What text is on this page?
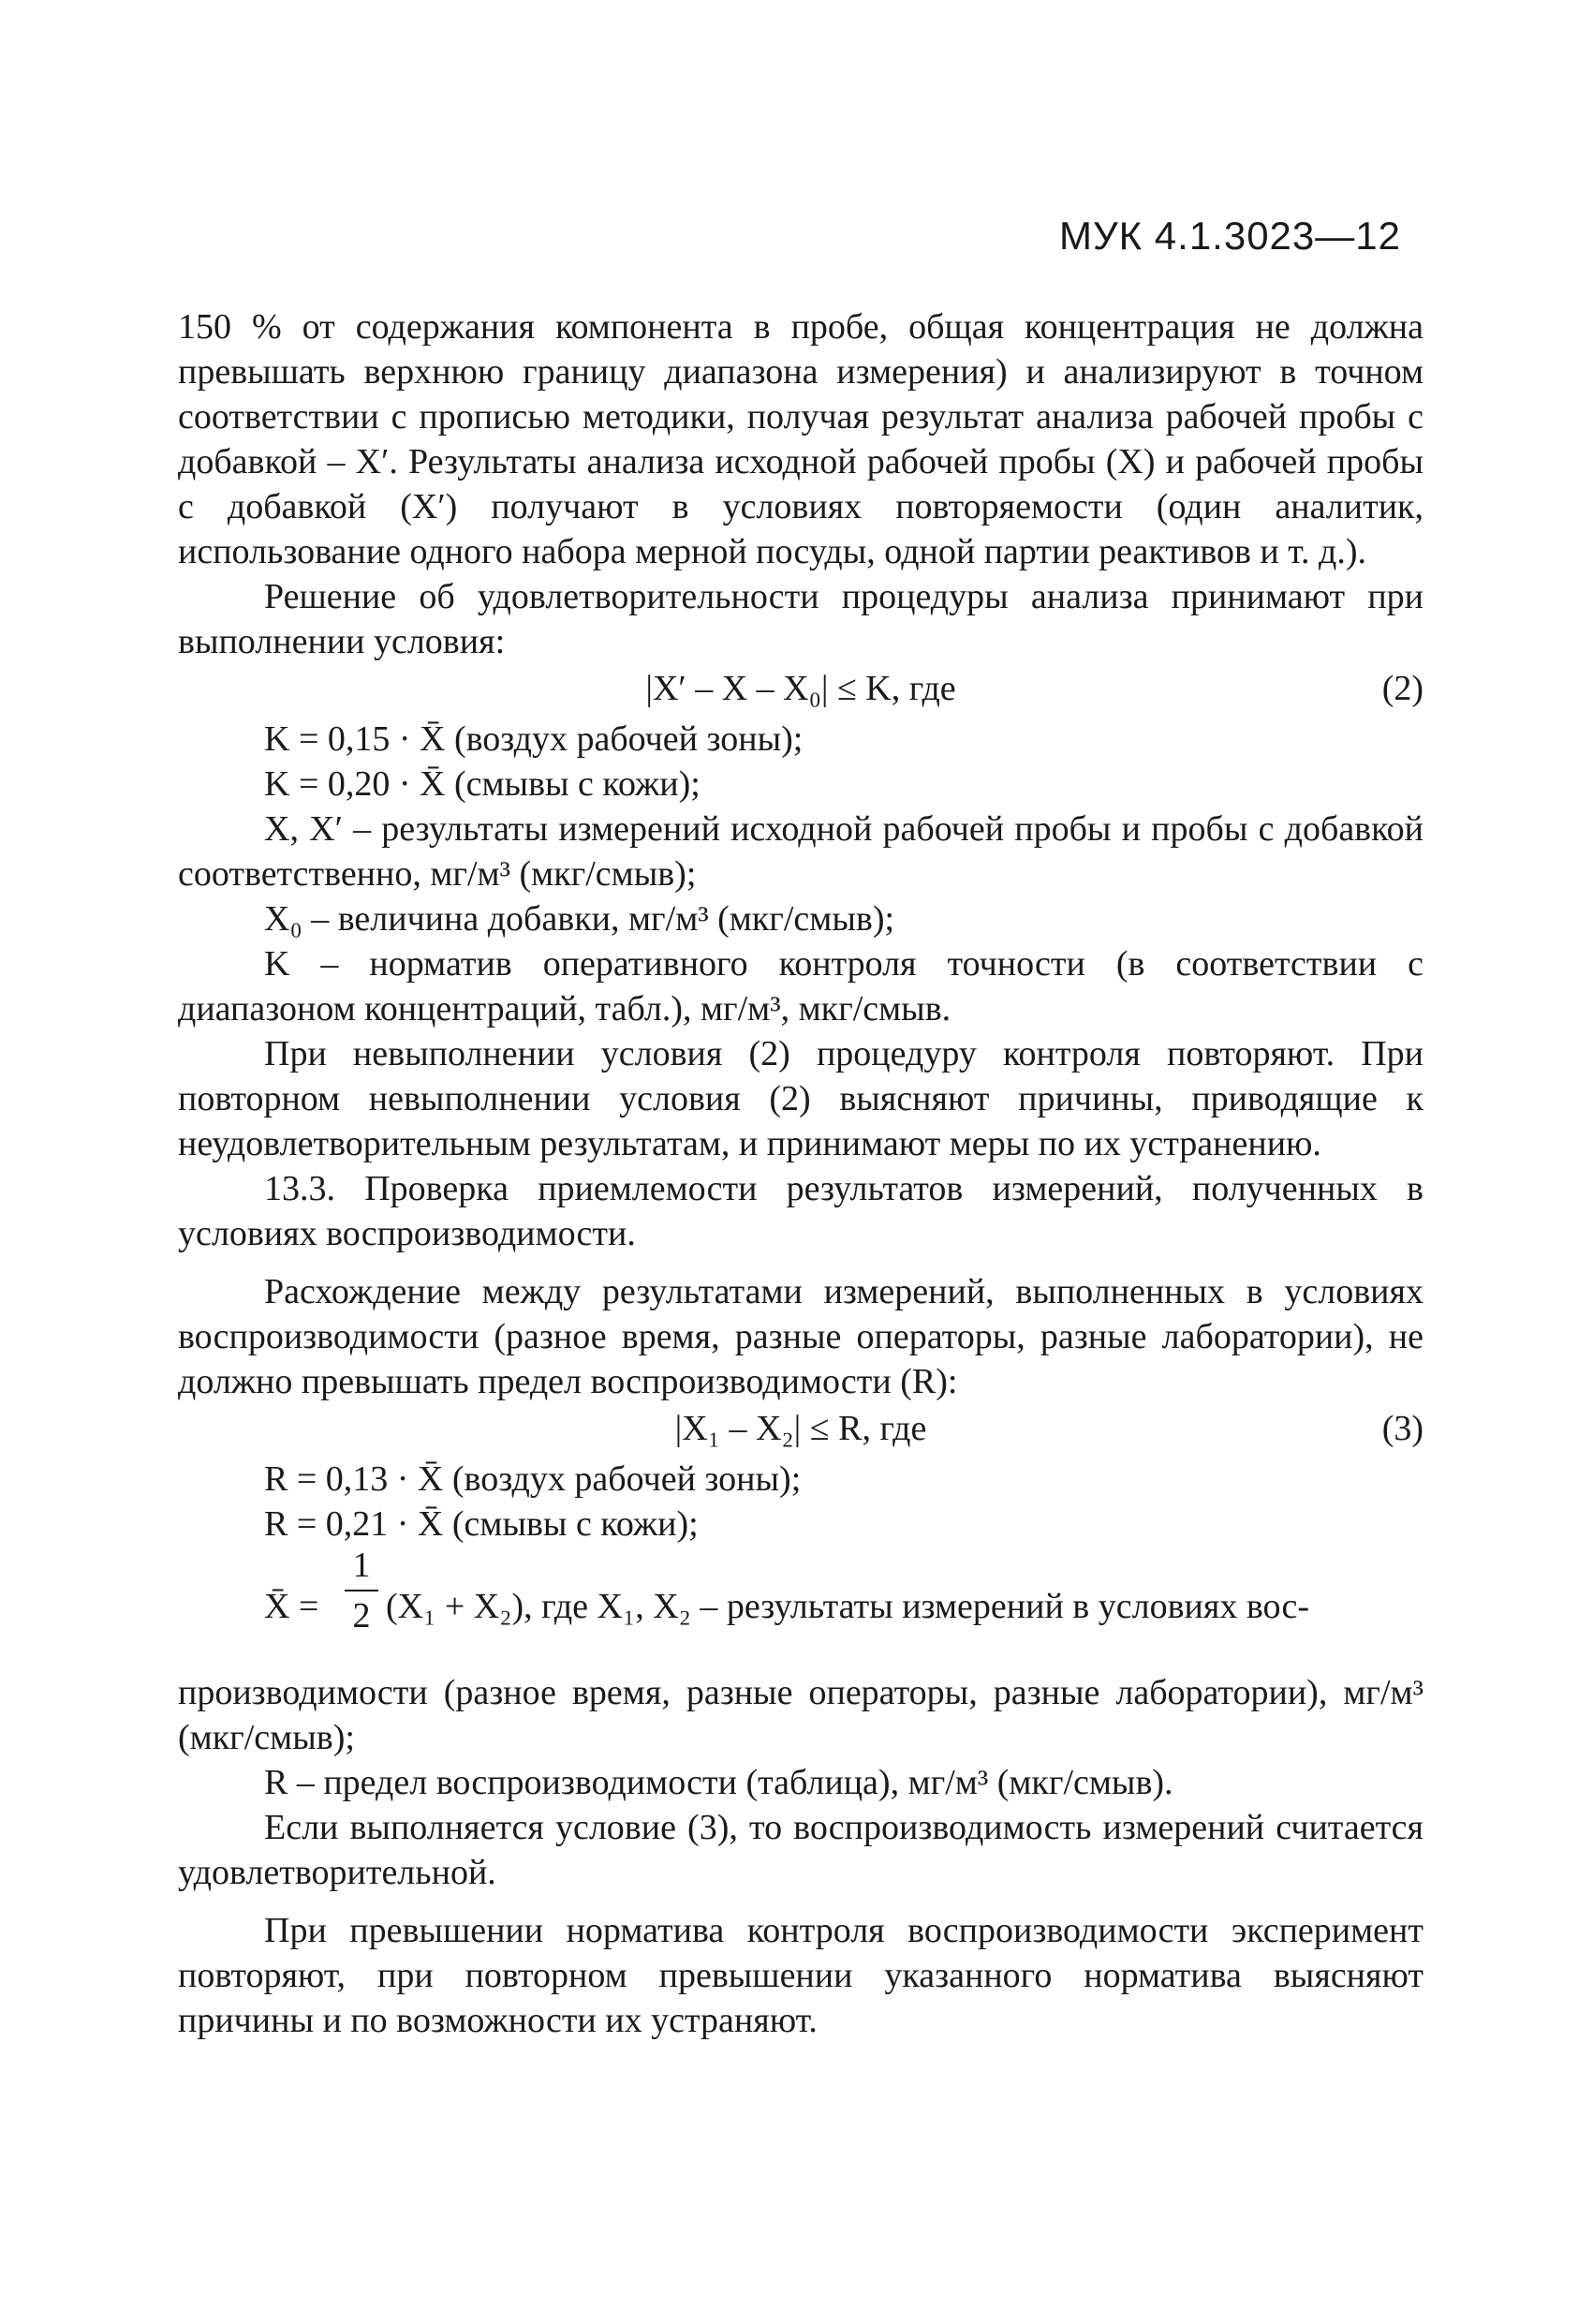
МУК 4.1.3023—12

150 % от содержания компонента в пробе, общая концентрация не должна превышать верхнюю границу диапазона измерения) и анализируют в точном соответствии с прописью методики, получая результат анализа рабочей пробы с добавкой – X′. Результаты анализа исходной рабочей пробы (X) и рабочей пробы с добавкой (X′) получают в условиях повторяемости (один аналитик, использование одного набора мерной посуды, одной партии реактивов и т. д.).

Решение об удовлетворительности процедуры анализа принимают при выполнении условия:

|X′ – X – X₀| ≤ K, где	(2)

K = 0,15 · X̄ (воздух рабочей зоны);

K = 0,20 · X̄ (смывы с кожи);

X, X′ – результаты измерений исходной рабочей пробы и пробы с добавкой соответственно, мг/м³ (мкг/смыв);

X₀ – величина добавки, мг/м³ (мкг/смыв);

K – норматив оперативного контроля точности (в соответствии с диапазоном концентраций, табл.), мг/м³, мкг/смыв.

При невыполнении условия (2) процедуру контроля повторяют. При повторном невыполнении условия (2) выясняют причины, приводящие к неудовлетворительным результатам, и принимают меры по их устранению.

13.3. Проверка приемлемости результатов измерений, полученных в условиях воспроизводимости.

Расхождение между результатами измерений, выполненных в условиях воспроизводимости (разное время, разные операторы, разные лаборатории), не должно превышать предел воспроизводимости (R):

|X₁ – X₂| ≤ R, где	(3)

R = 0,13 · X̄ (воздух рабочей зоны);

R = 0,21 · X̄ (смывы с кожи);

X̄ =
1
2 (X₁ + X₂), где X₁, X₂ – результаты измерений в условиях вос-

производимости (разное время, разные операторы, разные лаборатории), мг/м³ (мкг/смыв);

R – предел воспроизводимости (таблица), мг/м³ (мкг/смыв).

Если выполняется условие (3), то воспроизводимость измерений считается удовлетворительной.

При превышении норматива контроля воспроизводимости эксперимент повторяют, при повторном превышении указанного норматива выясняют причины и по возможности их устраняют.
